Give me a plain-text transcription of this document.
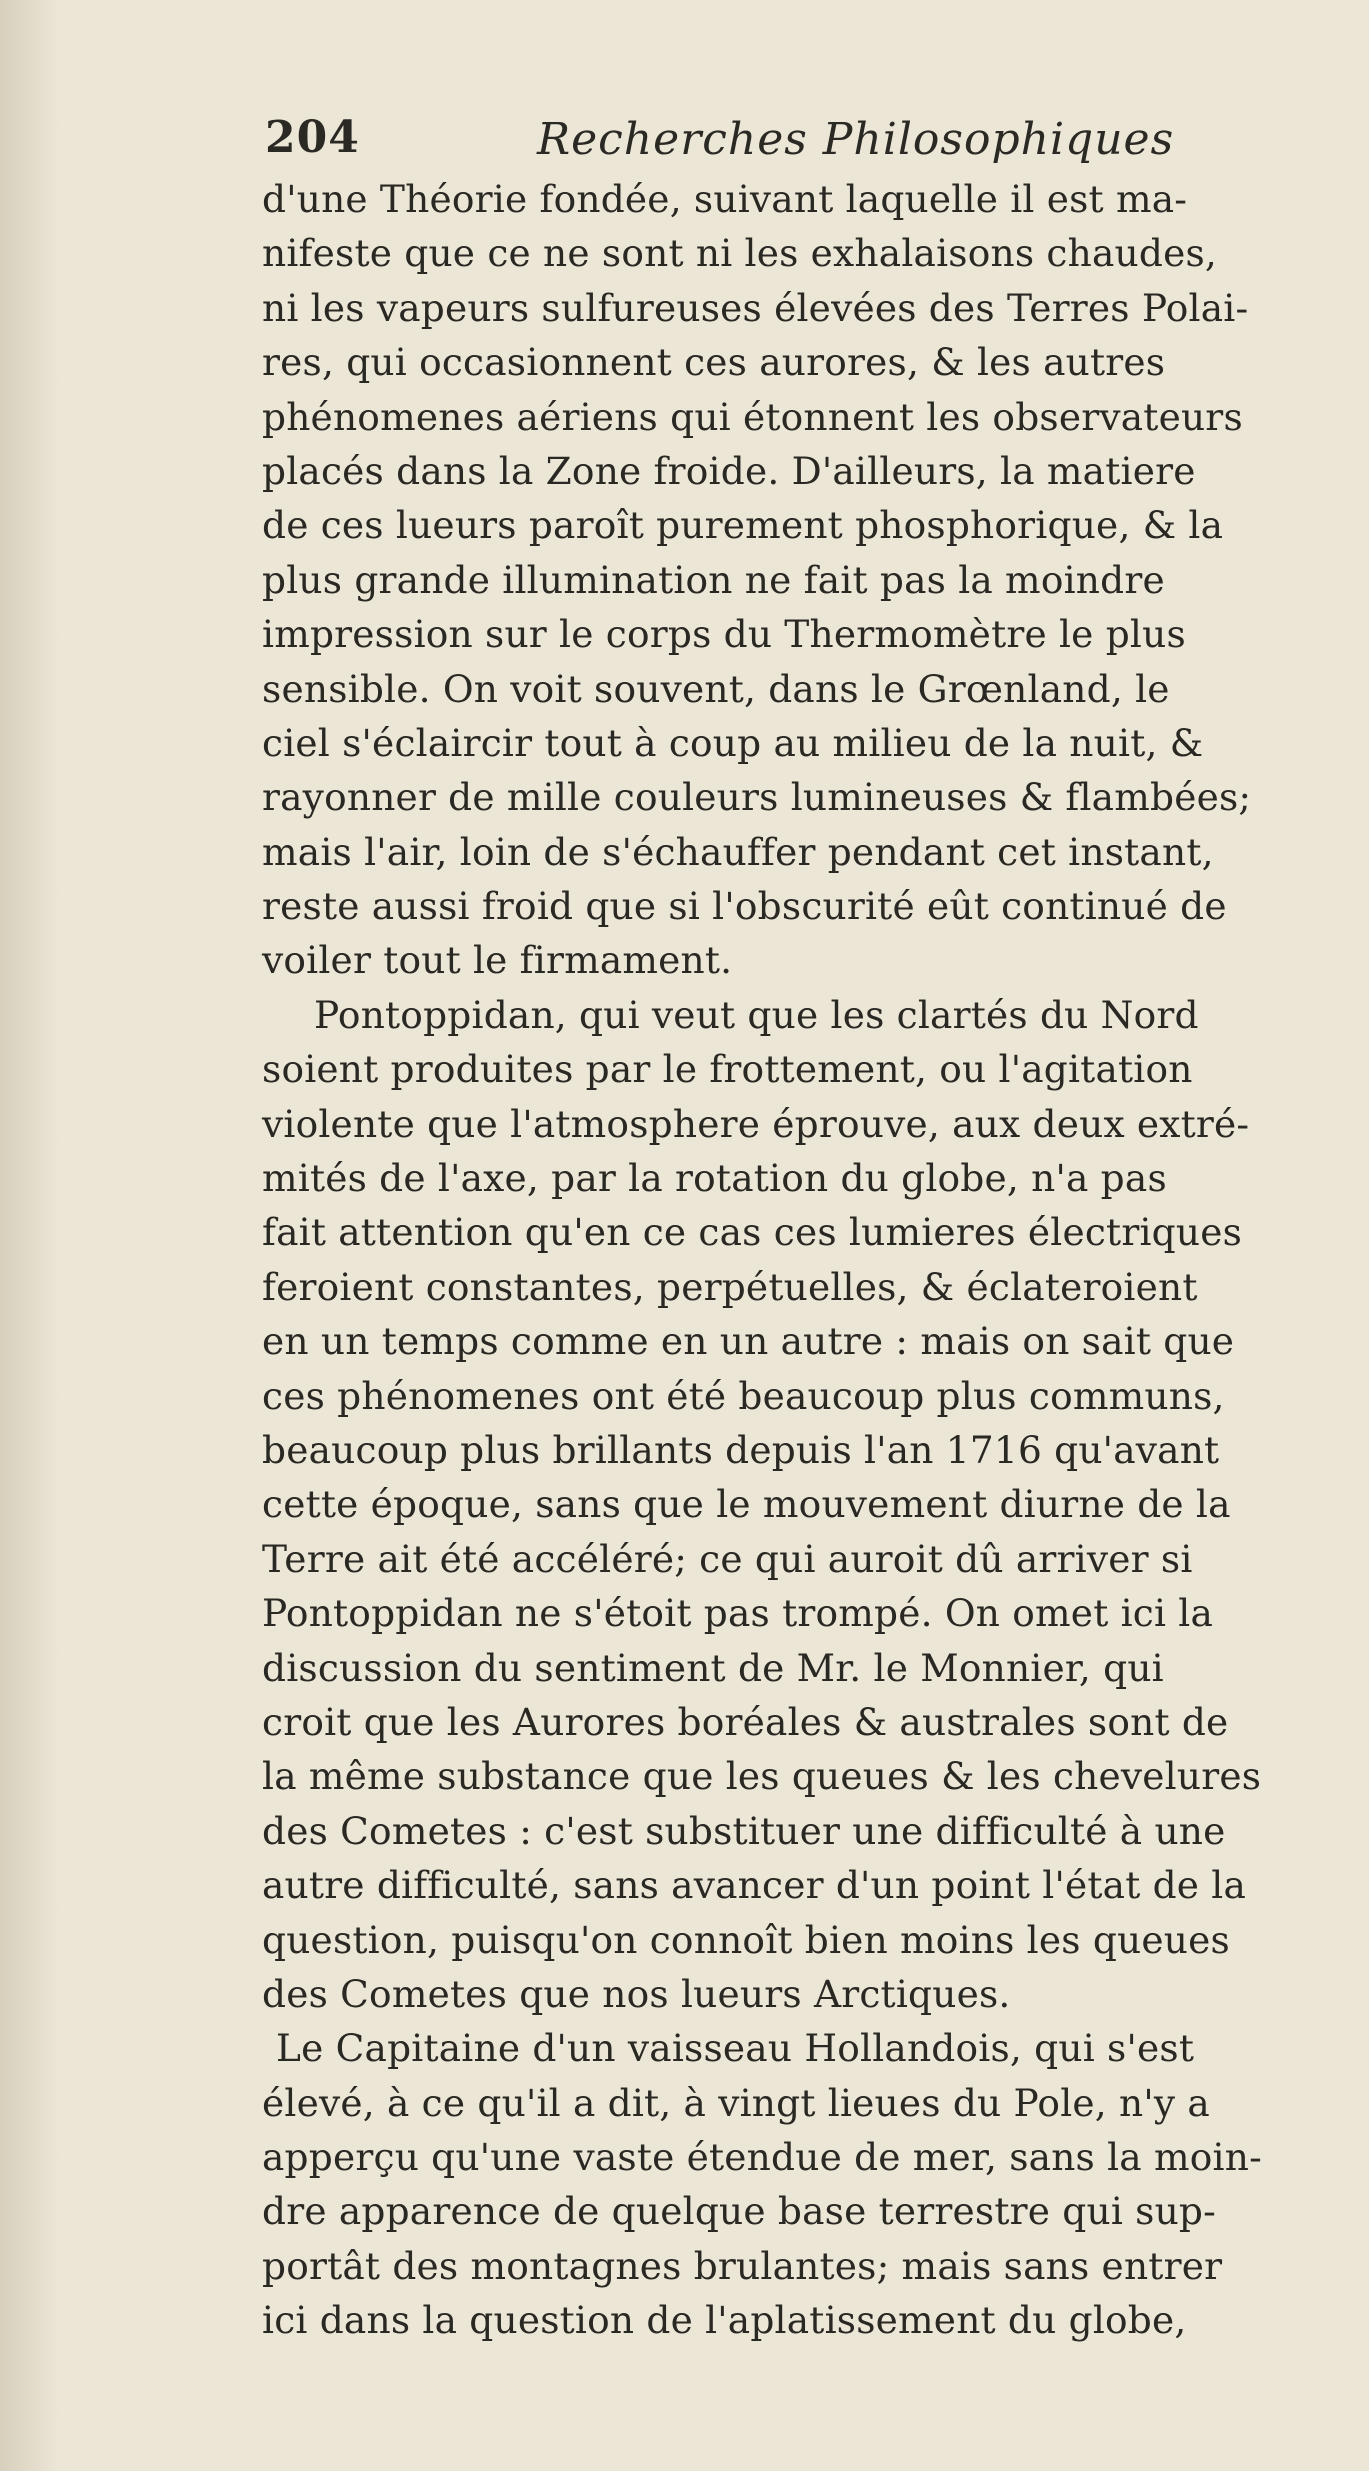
204	Recherches Philosophiques
d'une Théorie fondée, suivant laquelle il est ma-
nifeste que ce ne sont ni les exhalaisons chaudes,
ni les vapeurs sulfureuses élevées des Terres Polai-
res, qui occasionnent ces aurores, & les autres
phénomenes aériens qui étonnent les observateurs
placés dans la Zone froide. D'ailleurs, la matiere
de ces lueurs paroît purement phosphorique, & la
plus grande illumination ne fait pas la moindre
impression sur le corps du Thermomètre le plus
sensible. On voit souvent, dans le Grœnland, le
ciel s'éclaircir tout à coup au milieu de la nuit, &
rayonner de mille couleurs lumineuses & flambées;
mais l'air, loin de s'échauffer pendant cet instant,
reste aussi froid que si l'obscurité eût continué de
voiler tout le firmament.
Pontoppidan, qui veut que les clartés du Nord
soient produites par le frottement, ou l'agitation
violente que l'atmosphere éprouve, aux deux extré-
mités de l'axe, par la rotation du globe, n'a pas
fait attention qu'en ce cas ces lumieres électriques
feroient constantes, perpétuelles, & éclateroient
en un temps comme en un autre : mais on sait que
ces phénomenes ont été beaucoup plus communs,
beaucoup plus brillants depuis l'an 1716 qu'avant
cette époque, sans que le mouvement diurne de la
Terre ait été accéléré; ce qui auroit dû arriver si
Pontoppidan ne s'étoit pas trompé. On omet ici la
discussion du sentiment de Mr. le Monnier, qui
croit que les Aurores boréales & australes sont de
la même substance que les queues & les chevelures
des Cometes : c'est substituer une difficulté à une
autre difficulté, sans avancer d'un point l'état de la
question, puisqu'on connoît bien moins les queues
des Cometes que nos lueurs Arctiques.
Le Capitaine d'un vaisseau Hollandois, qui s'est
élevé, à ce qu'il a dit, à vingt lieues du Pole, n'y a
apperçu qu'une vaste étendue de mer, sans la moin-
dre apparence de quelque base terrestre qui sup-
portât des montagnes brulantes; mais sans entrer
ici dans la question de l'aplatissement du globe,
